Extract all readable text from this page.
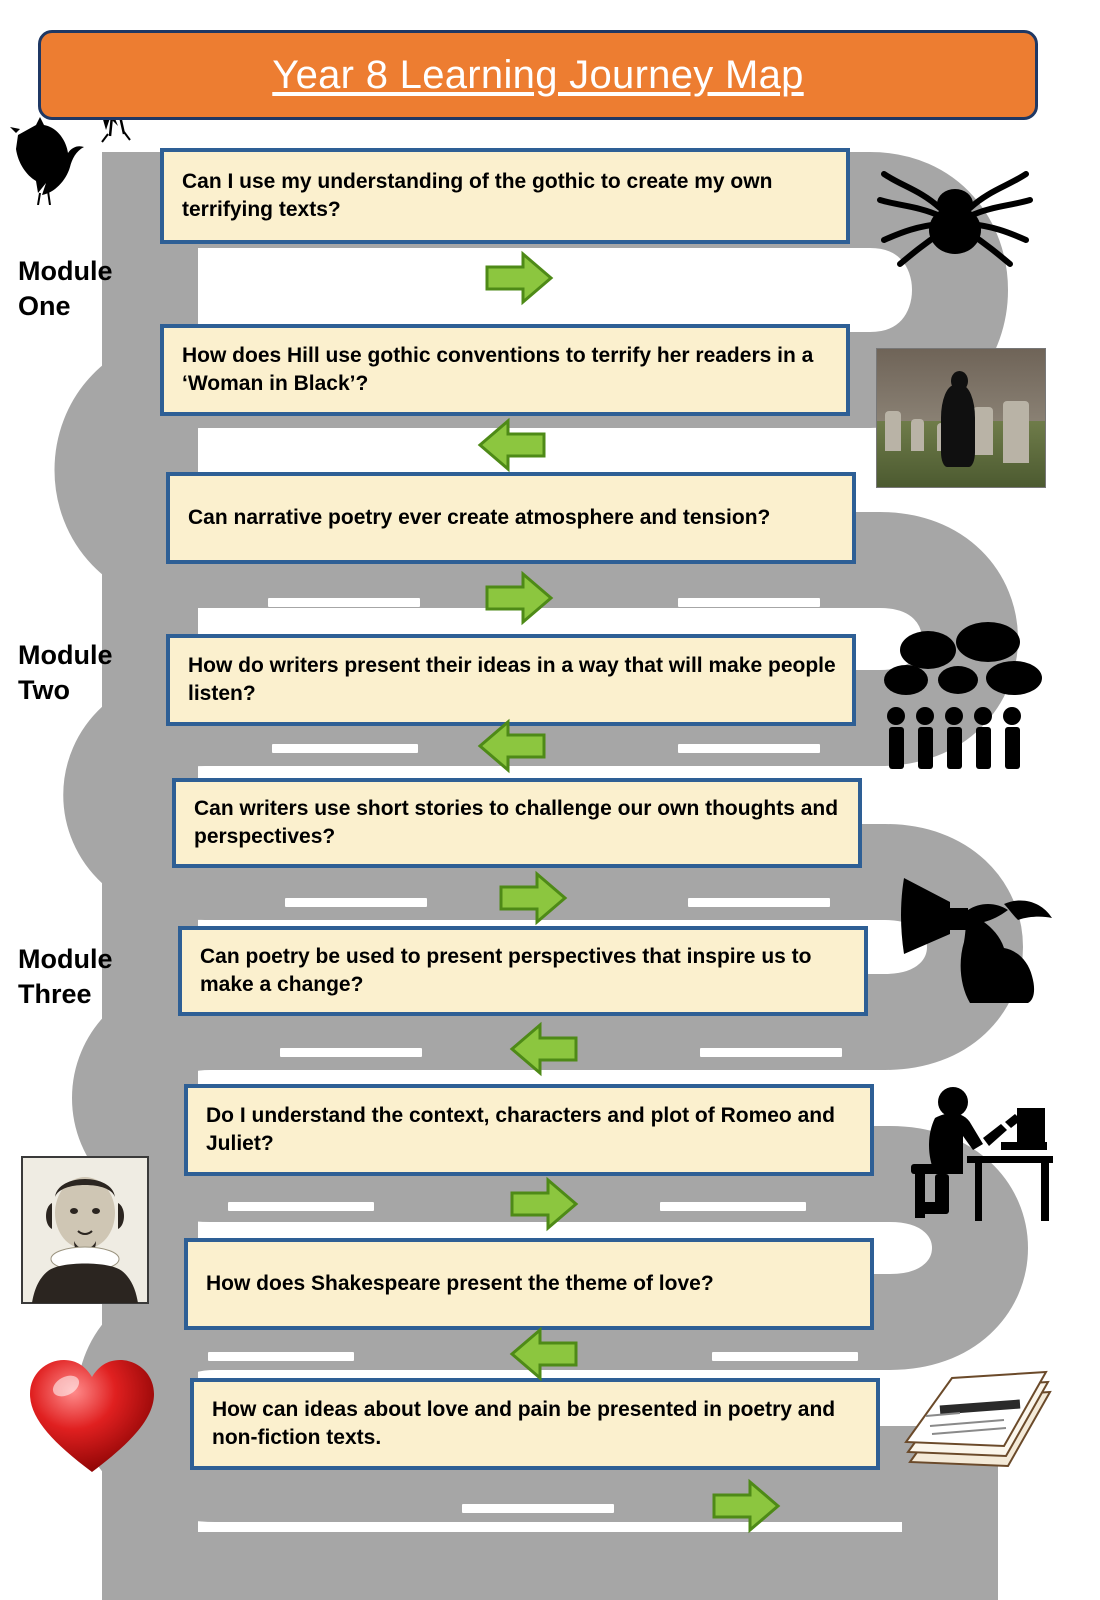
Year 8 Learning Journey Map
Module
One
Module
Two
Module
Three
Can I use my understanding of the gothic to create my own terrifying texts?
How does Hill use gothic conventions to terrify her readers in a ‘Woman in Black’?
Can narrative poetry ever create atmosphere and tension?
How do writers present their ideas in a way that will make people listen?
Can writers use short stories to challenge our own thoughts and perspectives?
Can poetry be used to present perspectives that inspire us to make a change?
Do I understand the context, characters and plot of Romeo and Juliet?
How does Shakespeare present the theme of love?
How can ideas about love and pain be presented in poetry and non-fiction texts.
